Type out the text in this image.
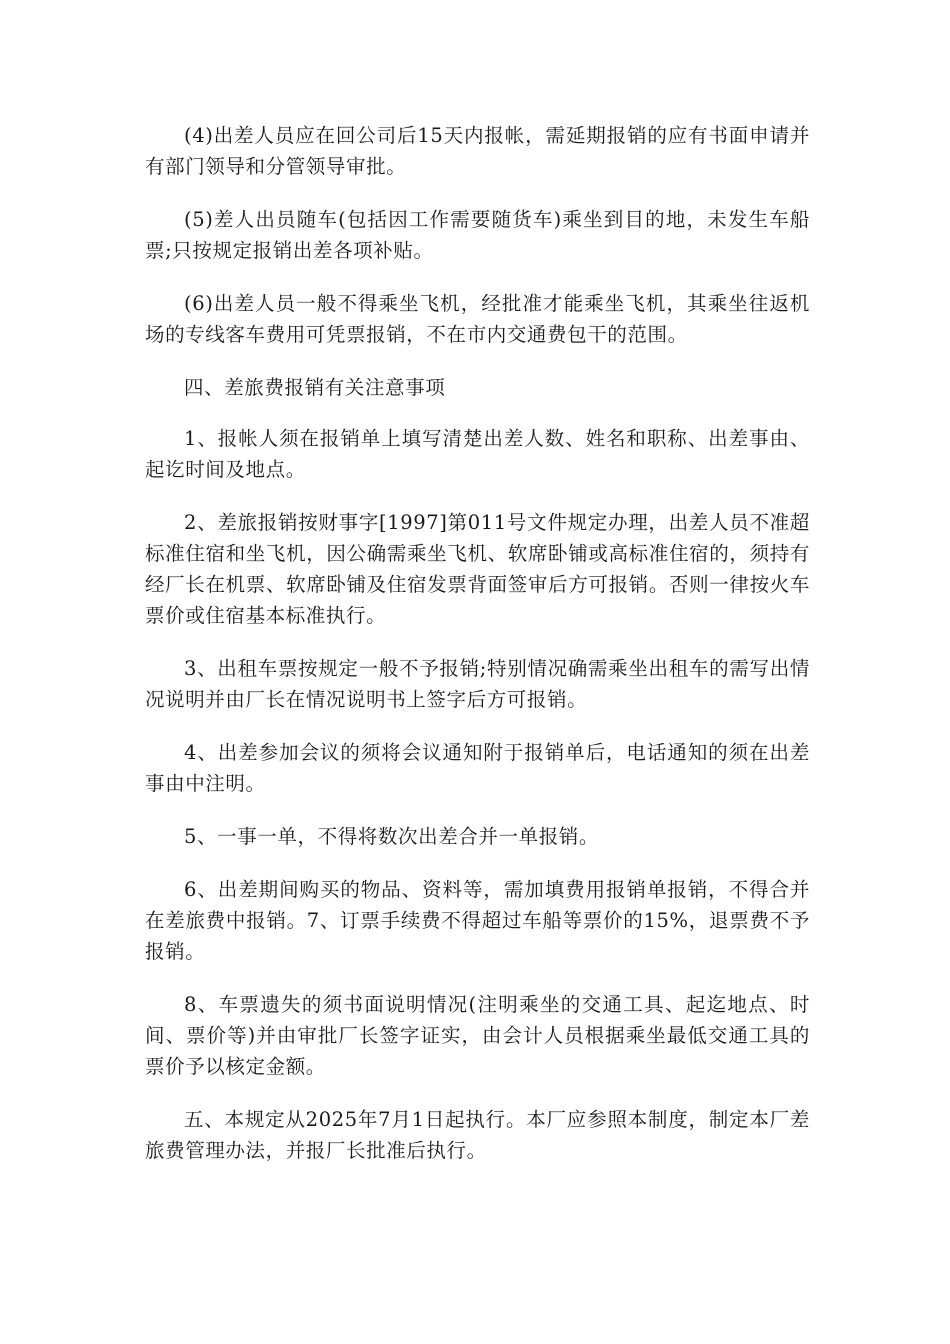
(4)出差人员应在回公司后15天内报帐，需延期报销的应有书面申请并有部门领导和分管领导审批。

(5)差人出员随车(包括因工作需要随货车)乘坐到目的地，未发生车船票;只按规定报销出差各项补贴。

(6)出差人员一般不得乘坐飞机，经批准才能乘坐飞机，其乘坐往返机场的专线客车费用可凭票报销，不在市内交通费包干的范围。

四、差旅费报销有关注意事项

1、报帐人须在报销单上填写清楚出差人数、姓名和职称、出差事由、起讫时间及地点。

2、差旅报销按财事字[1997]第011号文件规定办理，出差人员不准超标准住宿和坐飞机，因公确需乘坐飞机、软席卧铺或高标准住宿的，须持有经厂长在机票、软席卧铺及住宿发票背面签审后方可报销。否则一律按火车票价或住宿基本标准执行。

3、出租车票按规定一般不予报销;特别情况确需乘坐出租车的需写出情况说明并由厂长在情况说明书上签字后方可报销。

4、出差参加会议的须将会议通知附于报销单后，电话通知的须在出差事由中注明。

5、一事一单，不得将数次出差合并一单报销。

6、出差期间购买的物品、资料等，需加填费用报销单报销，不得合并在差旅费中报销。7、订票手续费不得超过车船等票价的15%，退票费不予报销。

8、车票遗失的须书面说明情况(注明乘坐的交通工具、起迄地点、时间、票价等)并由审批厂长签字证实，由会计人员根据乘坐最低交通工具的票价予以核定金额。

五、本规定从2025年7月1日起执行。本厂应参照本制度，制定本厂差旅费管理办法，并报厂长批准后执行。
